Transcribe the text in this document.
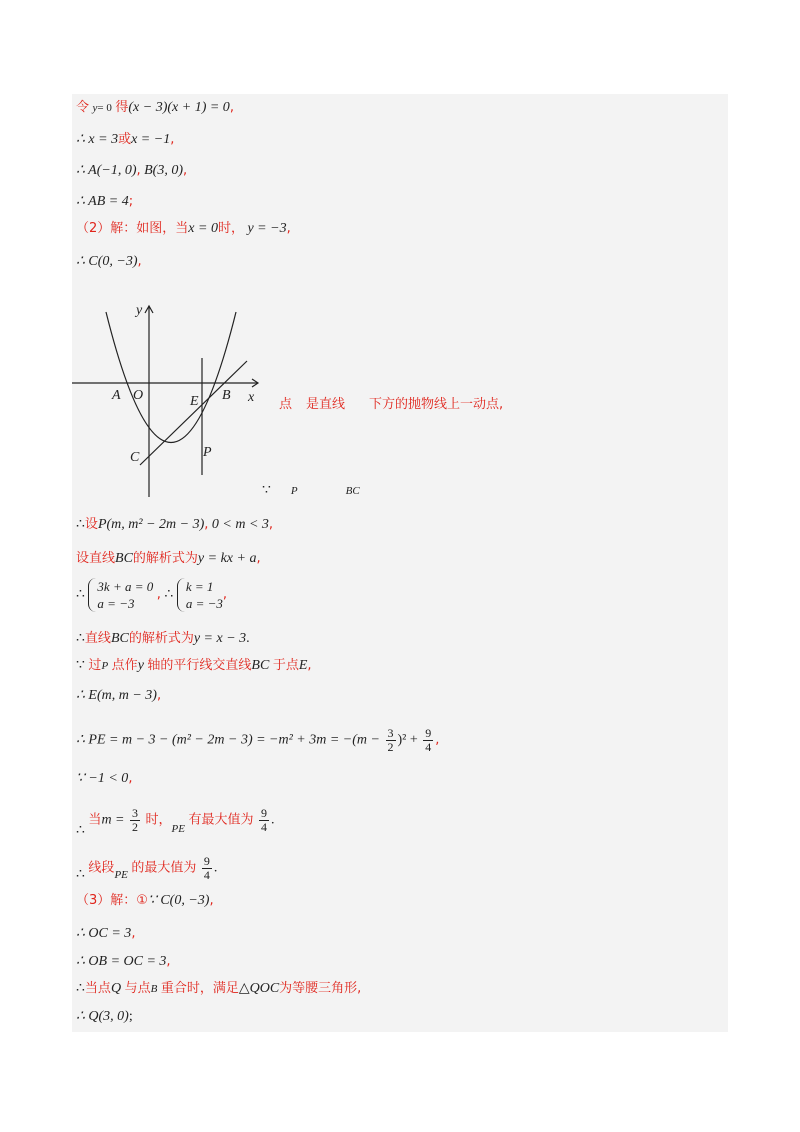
令 y= 0 得(x − 3)(x + 1) = 0,
∴ x = 3或x = −1,
∴ A(−1, 0), B(3, 0),
∴ AB = 4;
（2）解：如图，当x = 0时， y = −3,
∴ C(0, −3),
y
x
A O	E B
C	P
点 是直线 下方的抛物线上一动点,
∵ P	BC
∴设P(m, m² − 2m − 3), 0 < m < 3,
设直线BC的解析式为y = kx + a,
∴
3k + a = 0
a = −3
, ∴
k = 1
a = −3
,
∴直线BC的解析式为y = x − 3.
∵ 过P 点作y 轴的平行线交直线BC 于点E,
∴ E(m, m − 3),
∴ PE = $m - 3 - (m^2 - 2m - 3) = -m^2 + 3m = -(m - \frac{3}{2} )^2 + \frac{9}{4}$ ,
∵ −1 < 0,
∴ 当$m = \frac{3}{2}$ 时，$_{PE}$ 有最大值为 $\frac{9}{4}$ .
∴ 线段$_{PE}$ 的最大值为 $\frac{9}{4}$ .
（3）解：①∵ C(0, −3),
∴ OC = 3,
∴ OB = OC = 3,
∴当点Q 与点B 重合时，满足△QOC为等腰三角形,
∴ Q(3, 0);
